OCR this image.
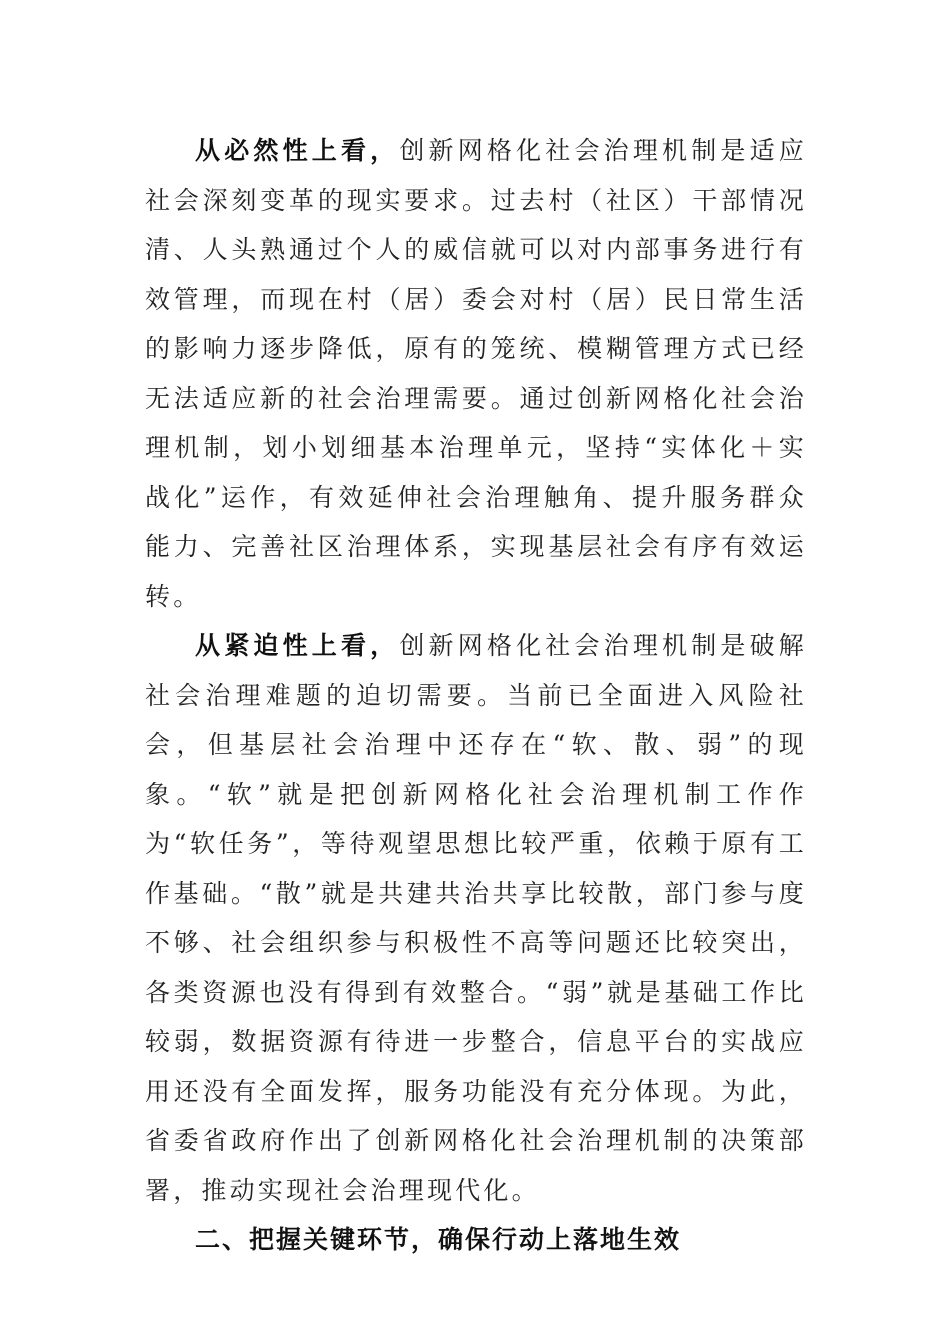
从必然性上看，创新网格化社会治理机制是适应社会深刻变革的现实要求。过去村（社区）干部情况清、人头熟通过个人的威信就可以对内部事务进行有效管理，而现在村（居）委会对村（居）民日常生活的影响力逐步降低，原有的笼统、模糊管理方式已经无法适应新的社会治理需要。通过创新网格化社会治理机制，划小划细基本治理单元，坚持“实体化＋实战化”运作，有效延伸社会治理触角、提升服务群众能力、完善社区治理体系，实现基层社会有序有效运转。

从紧迫性上看，创新网格化社会治理机制是破解社会治理难题的迫切需要。当前已全面进入风险社会，但基层社会治理中还存在“软、散、弱”的现象。“软”就是把创新网格化社会治理机制工作作为“软任务”，等待观望思想比较严重，依赖于原有工作基础。“散”就是共建共治共享比较散，部门参与度不够、社会组织参与积极性不高等问题还比较突出，各类资源也没有得到有效整合。“弱”就是基础工作比较弱，数据资源有待进一步整合，信息平台的实战应用还没有全面发挥，服务功能没有充分体现。为此，省委省政府作出了创新网格化社会治理机制的决策部署，推动实现社会治理现代化。

二、把握关键环节，确保行动上落地生效
